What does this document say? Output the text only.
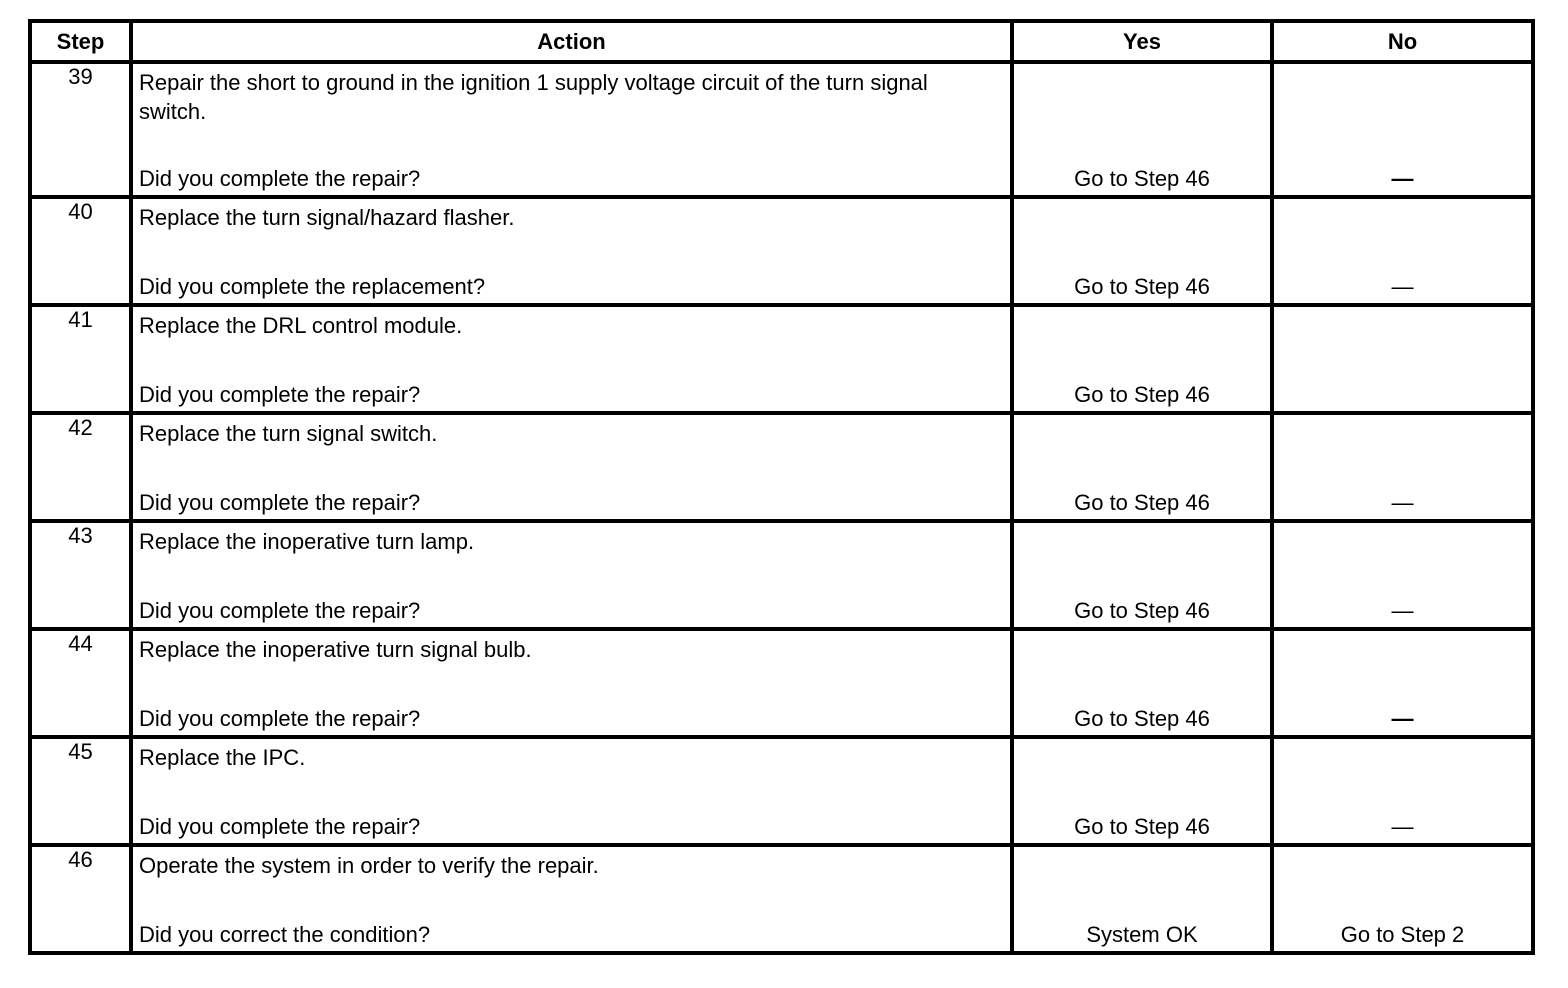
Step	Action	Yes	No
39	Repair the short to ground in the ignition 1 supply voltage circuit of the turn signal switch.
Did you complete the repair?	Go to Step 46	—

40	Replace the turn signal/hazard flasher.
Did you complete the replacement?	Go to Step 46	—

41	Replace the DRL control module.
Did you complete the repair?	Go to Step 46	

42	Replace the turn signal switch.
Did you complete the repair?	Go to Step 46	—

43	Replace the inoperative turn lamp.
Did you complete the repair?	Go to Step 46	—

44	Replace the inoperative turn signal bulb.
Did you complete the repair?	Go to Step 46	—

45	Replace the IPC.
Did you complete the repair?	Go to Step 46	—

46	Operate the system in order to verify the repair.
Did you correct the condition?	System OK	Go to Step 2
